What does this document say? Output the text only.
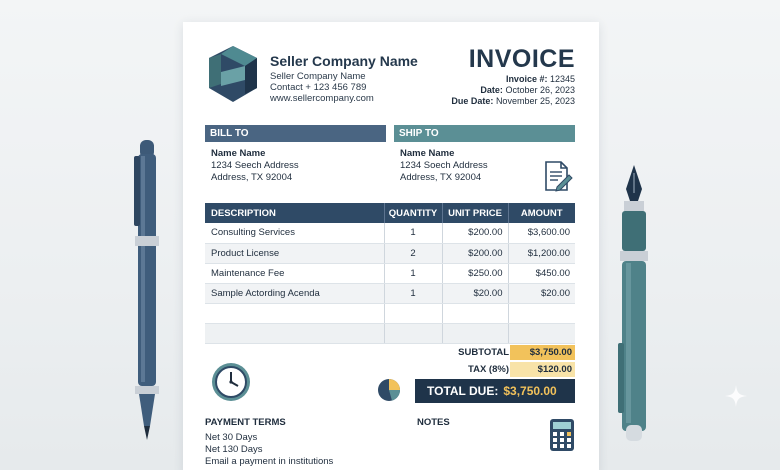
Seller Company Name
Seller Company Name
Contact + 123 456 789
www.sellercompany.com
INVOICE
Invoice #: 12345
Date: October 26, 2023
Due Date: November 25, 2023
BILL TO	SHIP TO
Name Name
1234 Seech Address
Address, TX 92004
Name Name
1234 Soech Address
Address, TX 92004
DESCRIPTION	QUANTITY	UNIT PRICE	AMOUNT
Consulting Services	1	$200.00	$3,600.00
Product License	2	$200.00	$1,200.00
Maintenance Fee	1	$250.00	$450.00
Sample Actording Acenda	1	$20.00	$20.00

SUBTOTAL	$3,750.00
TAX (8%)	$120.00
TOTAL DUE: $3,750.00
PAYMENT TERMS
Net 30 Days
Net 130 Days
Email a payment in institutions
NOTES
